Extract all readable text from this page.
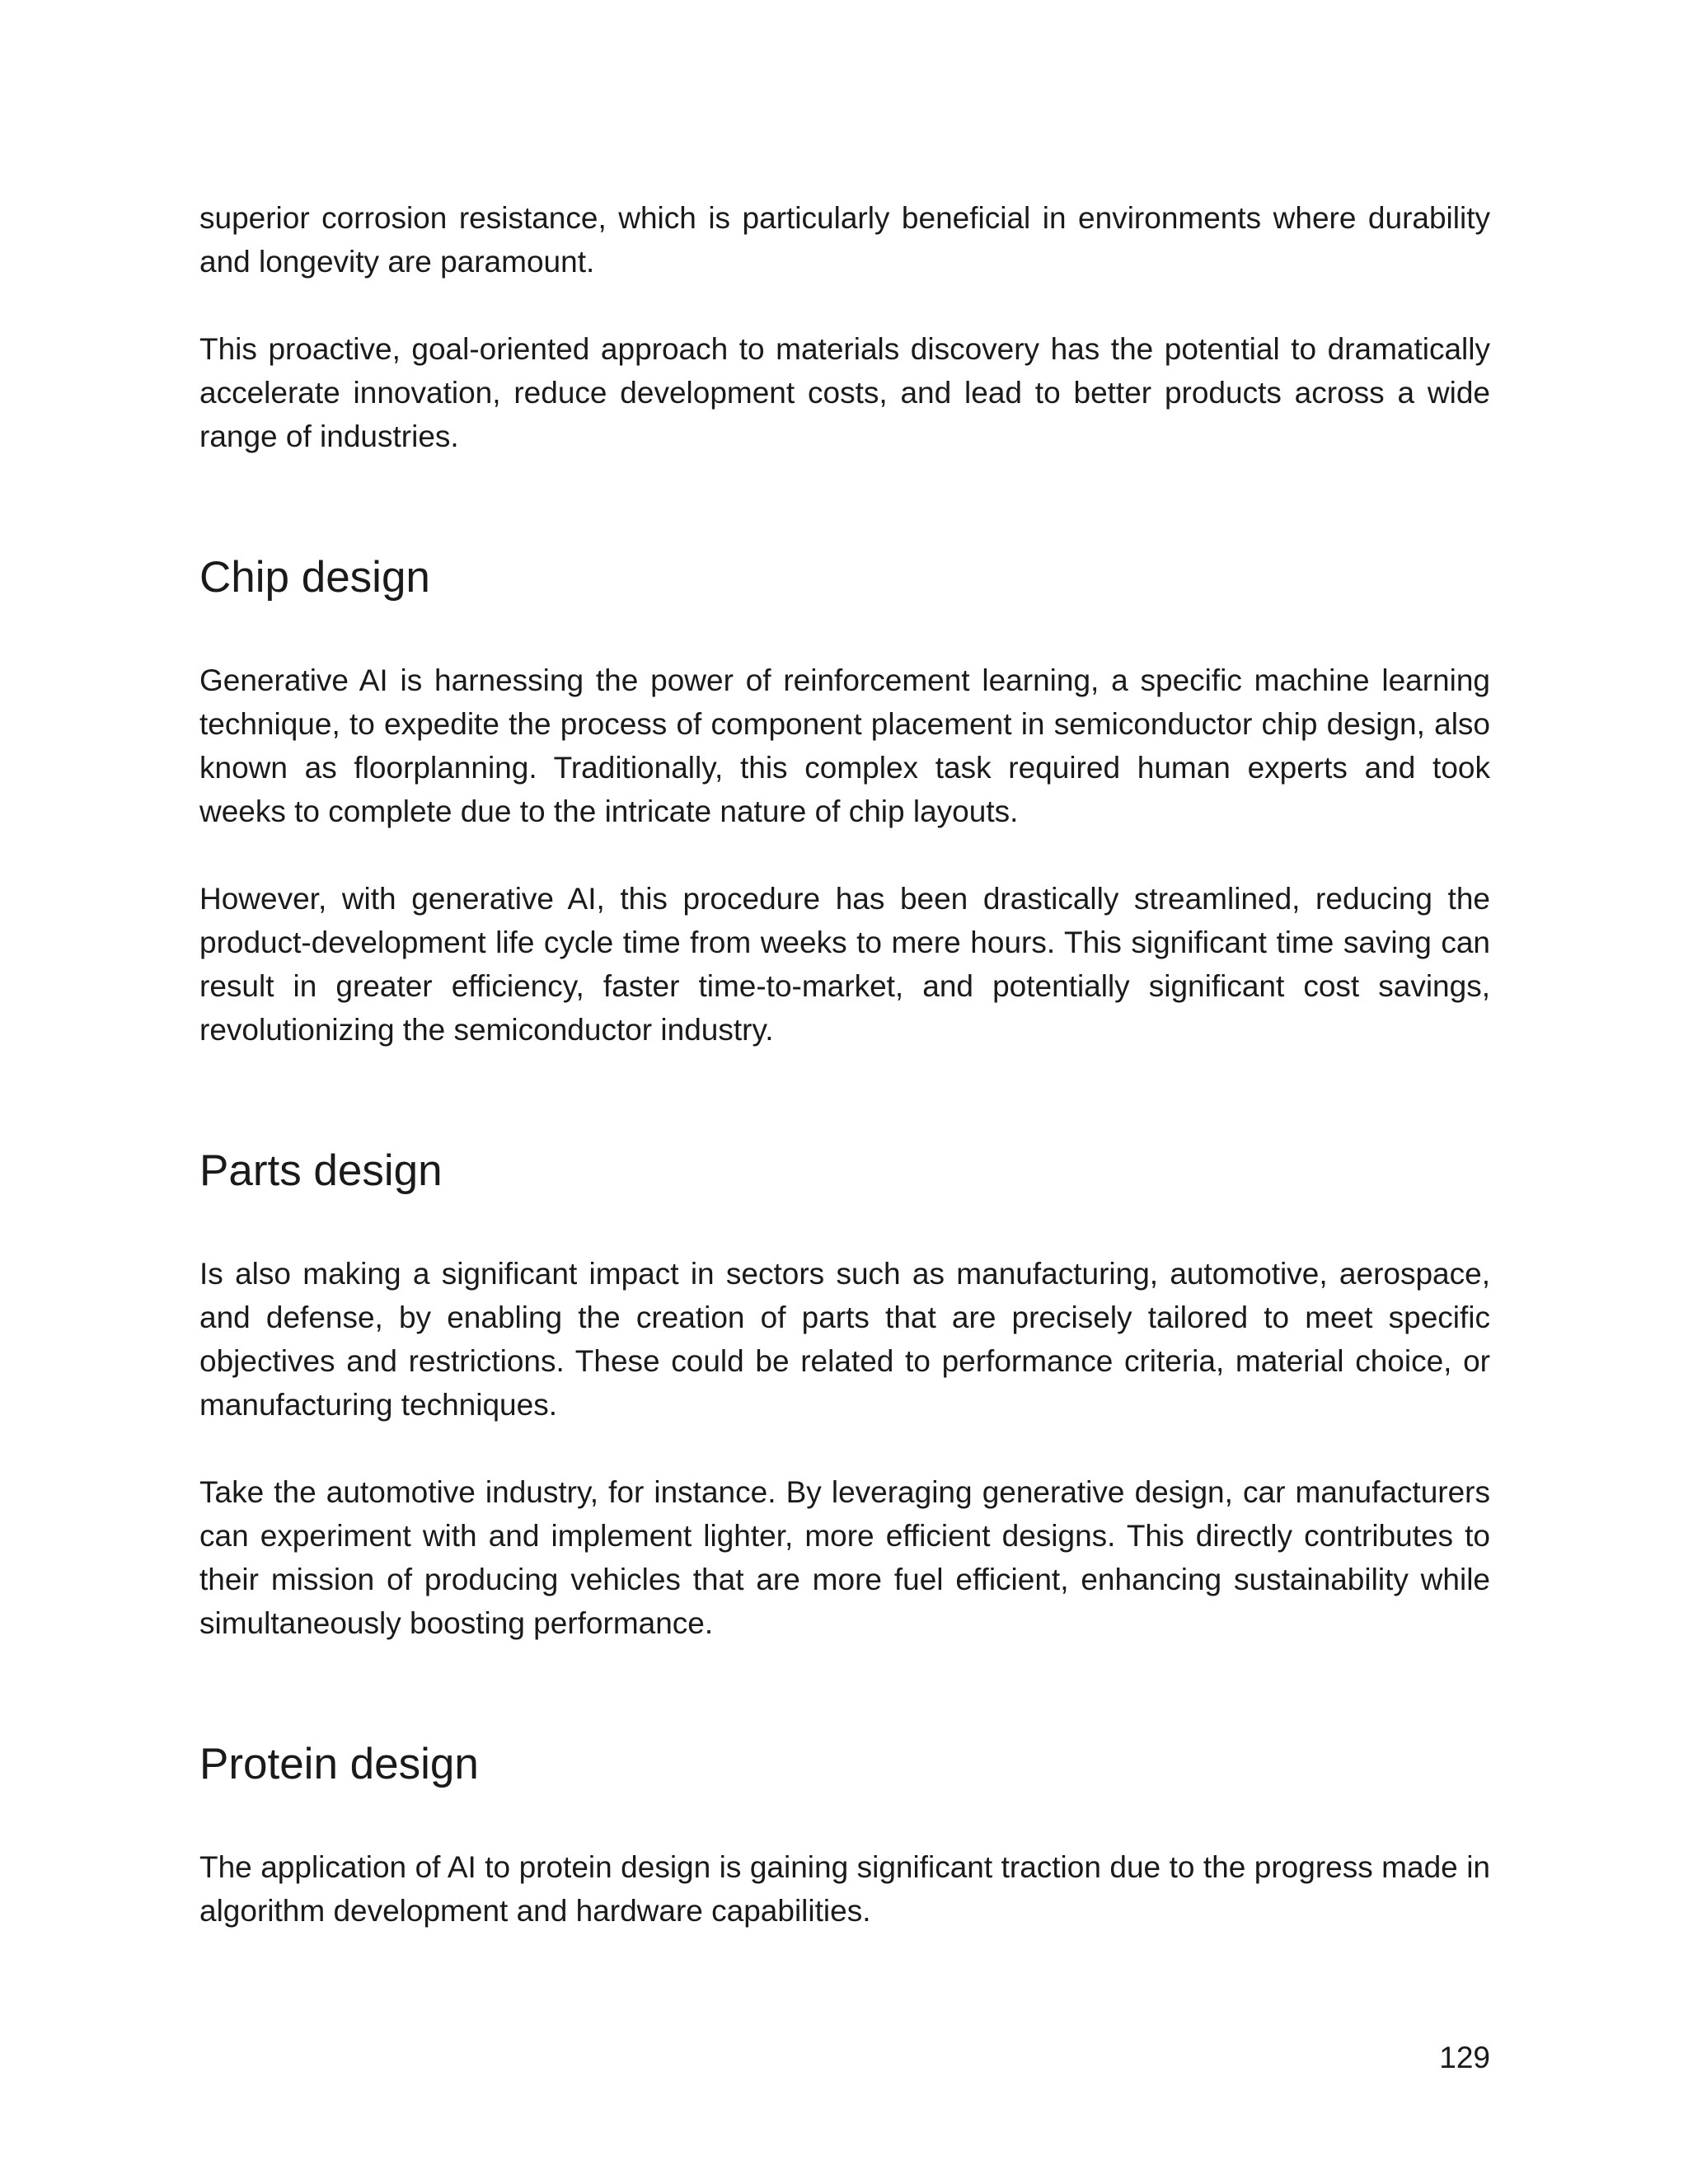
superior corrosion resistance, which is particularly beneficial in environments where durability and longevity are paramount.

This proactive, goal-oriented approach to materials discovery has the potential to dramatically accelerate innovation, reduce development costs, and lead to better products across a wide range of industries.

Chip design

Generative AI is harnessing the power of reinforcement learning, a specific machine learning technique, to expedite the process of component placement in semiconductor chip design, also known as floorplanning. Traditionally, this complex task required human experts and took weeks to complete due to the intricate nature of chip layouts.

However, with generative AI, this procedure has been drastically streamlined, reducing the product-development life cycle time from weeks to mere hours. This significant time saving can result in greater efficiency, faster time-to-market, and potentially significant cost savings, revolutionizing the semiconductor industry.

Parts design

Is also making a significant impact in sectors such as manufacturing, automotive, aerospace, and defense, by enabling the creation of parts that are precisely tailored to meet specific objectives and restrictions. These could be related to performance criteria, material choice, or manufacturing techniques.

Take the automotive industry, for instance. By leveraging generative design, car manufacturers can experiment with and implement lighter, more efficient designs. This directly contributes to their mission of producing vehicles that are more fuel efficient, enhancing sustainability while simultaneously boosting performance.

Protein design

The application of AI to protein design is gaining significant traction due to the progress made in algorithm development and hardware capabilities.

129
